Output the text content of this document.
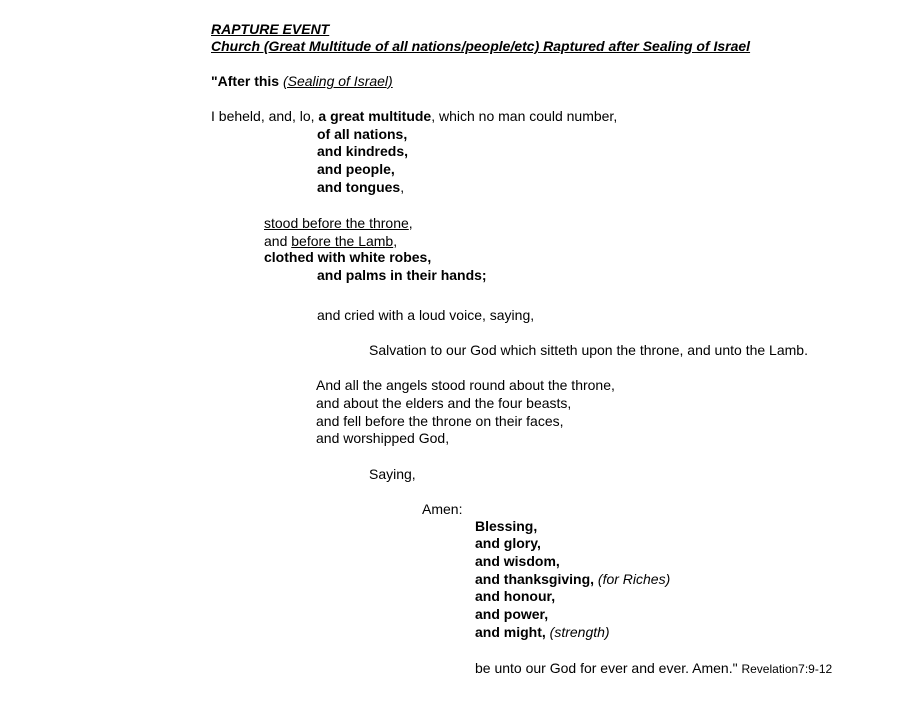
RAPTURE EVENT
Church (Great Multitude of all nations/people/etc) Raptured after Sealing of Israel
"After this (Sealing of Israel)
I beheld, and, lo, a great multitude, which no man could number,
of all nations,
and kindreds,
and people,
and tongues,
stood before the throne,
and before the Lamb,
clothed with white robes,
and palms in their hands;
and cried with a loud voice, saying,
Salvation to our God which sitteth upon the throne, and unto the Lamb.
And all the angels stood round about the throne,
and about the elders and the four beasts,
and fell before the throne on their faces,
and worshipped God,
Saying,
Amen:
Blessing,
and glory,
and wisdom,
and thanksgiving, (for Riches)
and honour,
and power,
and might, (strength)
be unto our God for ever and ever. Amen." Revelation7:9-12
